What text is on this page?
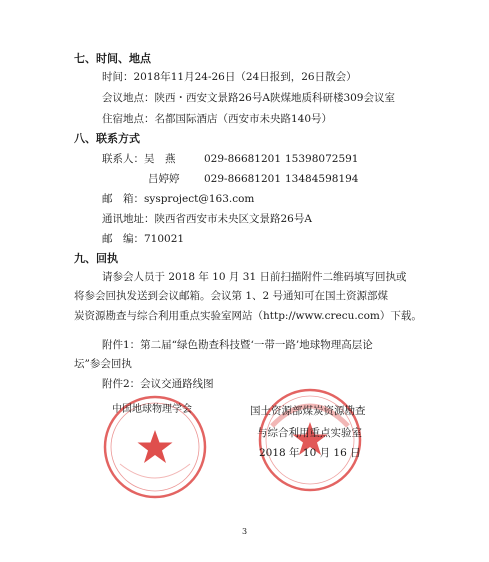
七、时间、地点
时间：2018年11月24-26日（24日报到，26日散会）
会议地点：陕西・西安文景路26号A陕煤地质科研楼309会议室
住宿地点：名都国际酒店（西安市未央路140号）
八、联系方式
联系人：吴　燕	029-86681201 15398072591
吕婷婷 029-86681201 13484598194
邮　箱：sysproject@163.com
通讯地址：陕西省西安市未央区文景路26号A
邮　编：710021
九、回执
请参会人员于 2018 年 10 月 31 日前扫描附件二维码填写回执或
将参会回执发送到会议邮箱。会议第 1、2 号通知可在国土资源部煤
炭资源勘查与综合利用重点实验室网站（http://www.crecu.com）下载。
附件1：第二届“绿色勘查科技暨‘一带一路’地球物理高层论
坛”参会回执
附件2：会议交通路线图
中国地球物理学会	国土资源部煤炭资源勘查
与综合利用重点实验室
2018 年 10 月 16 日
3
